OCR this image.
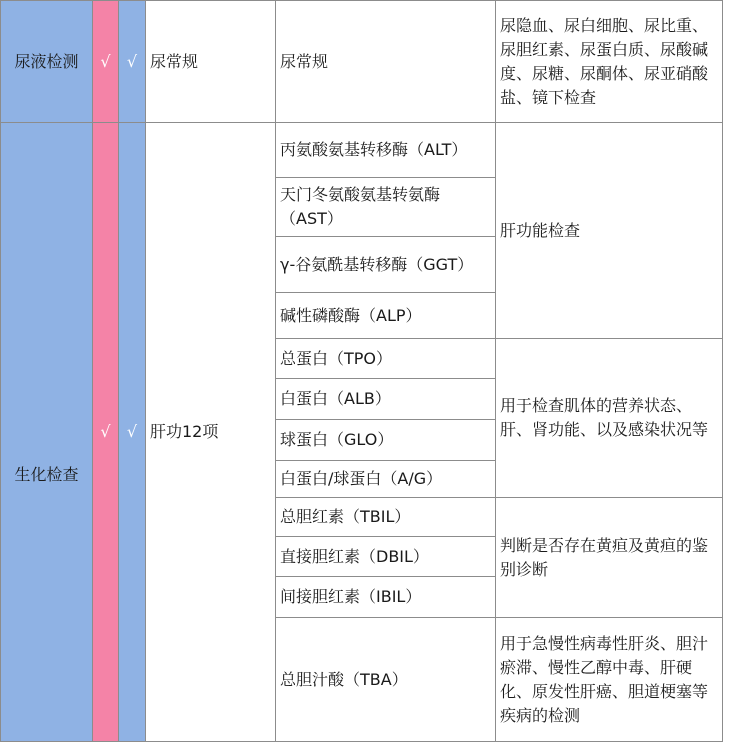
尿液检测	√	√	尿常规	尿常规	尿隐血、尿白细胞、尿比重、尿胆红素、尿蛋白质、尿酸碱度、尿糖、尿酮体、尿亚硝酸盐、镜下检查

生化检查	√	√	肝功12项	丙氨酸氨基转移酶（ALT）	肝功能检查
				天门冬氨酸氨基转氨酶（AST）	
				γ-谷氨酰基转移酶（GGT）	
				碱性磷酸酶（ALP）	
				总蛋白（TPO）	用于检查肌体的营养状态、肝、肾功能、以及感染状况等
				白蛋白（ALB）	
				球蛋白（GLO）	
				白蛋白/球蛋白（A/G）	
				总胆红素（TBIL）	判断是否存在黄疸及黄疸的鉴别诊断
				直接胆红素（DBIL）	
				间接胆红素（IBIL）	
				总胆汁酸（TBA）	用于急慢性病毒性肝炎、胆汁瘀滞、慢性乙醇中毒、肝硬化、原发性肝癌、胆道梗塞等疾病的检测
